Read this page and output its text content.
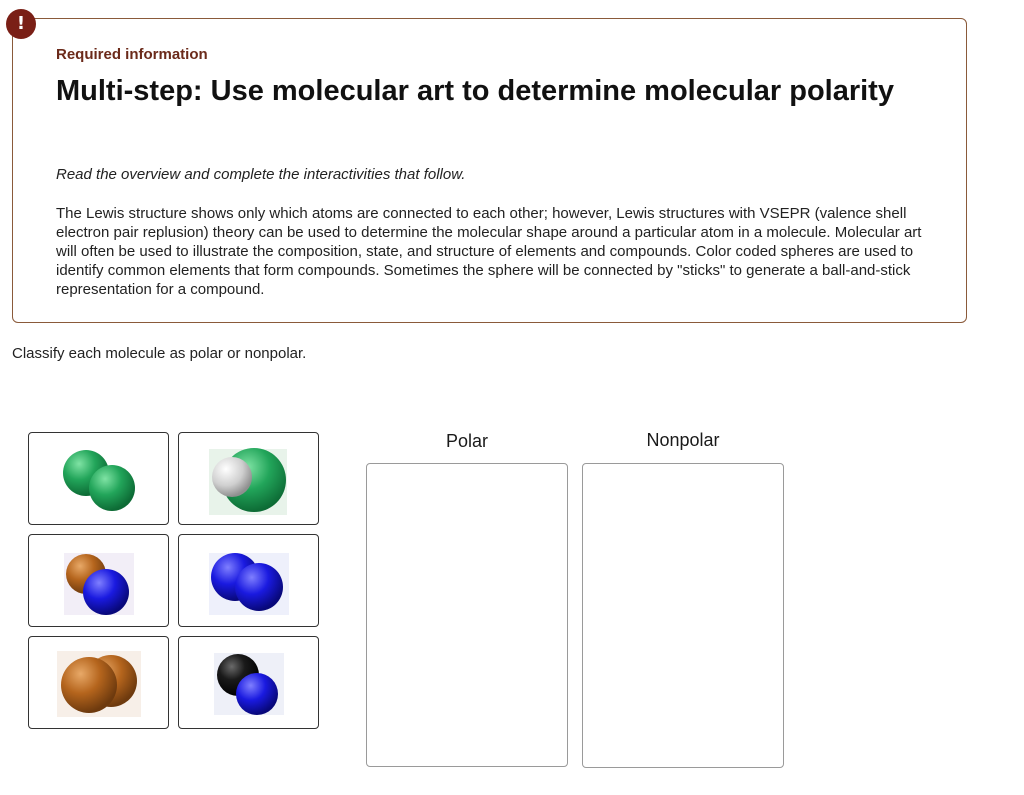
!
Required information
Multi-step: Use molecular art to determine molecular polarity
Read the overview and complete the interactivities that follow.

The Lewis structure shows only which atoms are connected to each other; however, Lewis structures with VSEPR (valence shell electron pair replusion) theory can be used to determine the molecular shape around a particular atom in a molecule. Molecular art will often be used to illustrate the composition, state, and structure of elements and compounds. Color coded spheres are used to identify common elements that form compounds. Sometimes the sphere will be connected by "sticks" to generate a ball-and-stick representation for a compound.

Classify each molecule as polar or nonpolar.
Polar	Nonpolar
